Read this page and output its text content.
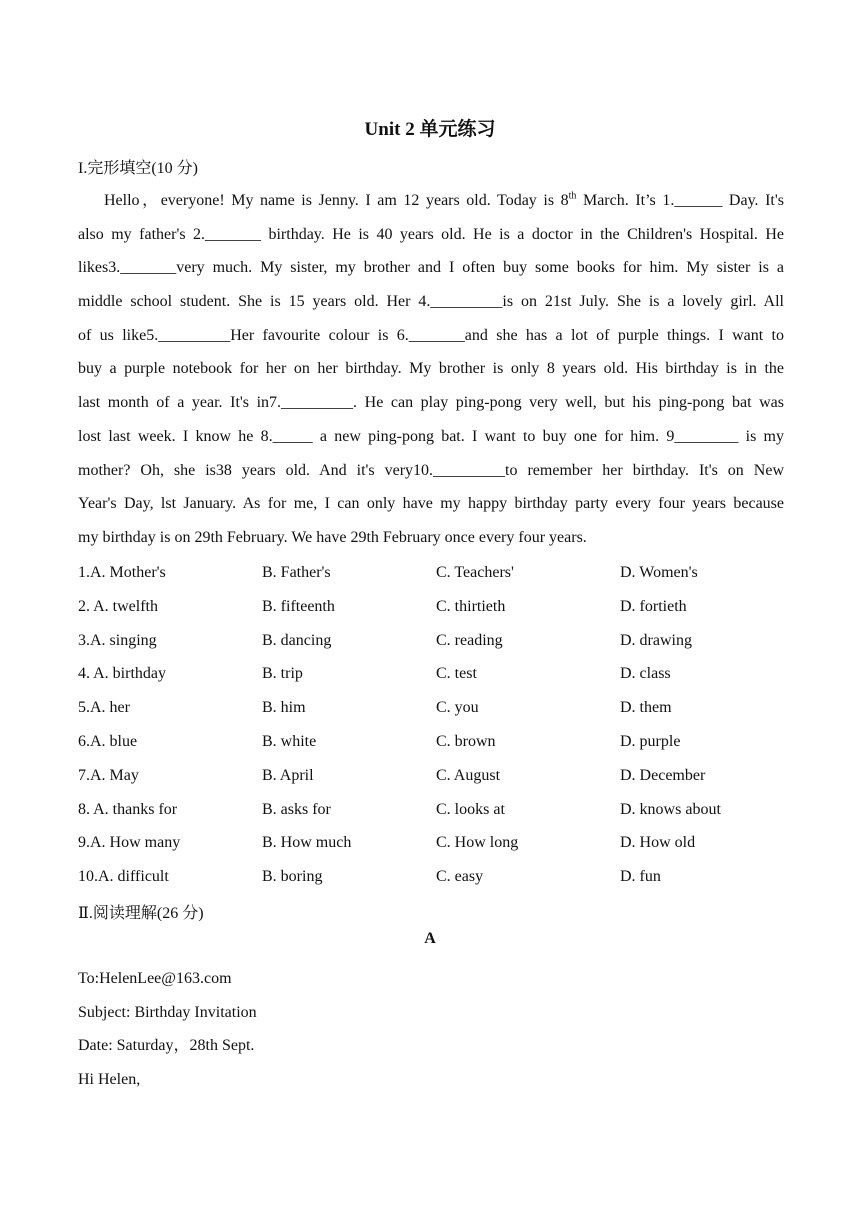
Unit 2 单元练习
I.完形填空(10 分)
Hello，everyone! My name is Jenny. I am 12 years old. Today is 8th March. It’s 1.______ Day. It's
also my father's 2._______ birthday. He is 40 years old. He is a doctor in the Children's Hospital. He
likes3._______very much. My sister, my brother and I often buy some books for him. My sister is a
middle school student. She is 15 years old. Her 4._________is on 21st July. She is a lovely girl. All
of us like5._________Her favourite colour is 6._______and she has a lot of purple things. I want to
buy a purple notebook for her on her birthday. My brother is only 8 years old. His birthday is in the
last month of a year. It's in7._________. He can play ping-pong very well, but his ping-pong bat was
lost last week. I know he 8._____ a new ping-pong bat. I want to buy one for him. 9________ is my
mother? Oh, she is38 years old. And it's very10._________to remember her birthday. It's on New
Year's Day, lst January. As for me, I can only have my happy birthday party every four years because
my birthday is on 29th February. We have 29th February once every four years.
1.A. Mother's	B. Father's	C. Teachers'	D. Women's
2. A. twelfth	B. fifteenth	C. thirtieth	D. fortieth
3.A. singing	B. dancing	C. reading	D. drawing
4. A. birthday	B. trip	C. test	D. class
5.A. her	B. him	C. you	D. them
6.A. blue	B. white	C. brown	D. purple
7.A. May	B. April	C. August	D. December
8. A. thanks for	B. asks for	C. looks at	D. knows about
9.A. How many	B. How much	C. How long	D. How old
10.A. difficult	B. boring	C. easy	D. fun
Ⅱ.阅读理解(26 分)
A
To:HelenLee@163.com
Subject: Birthday Invitation
Date: Saturday，28th Sept.
Hi Helen,
